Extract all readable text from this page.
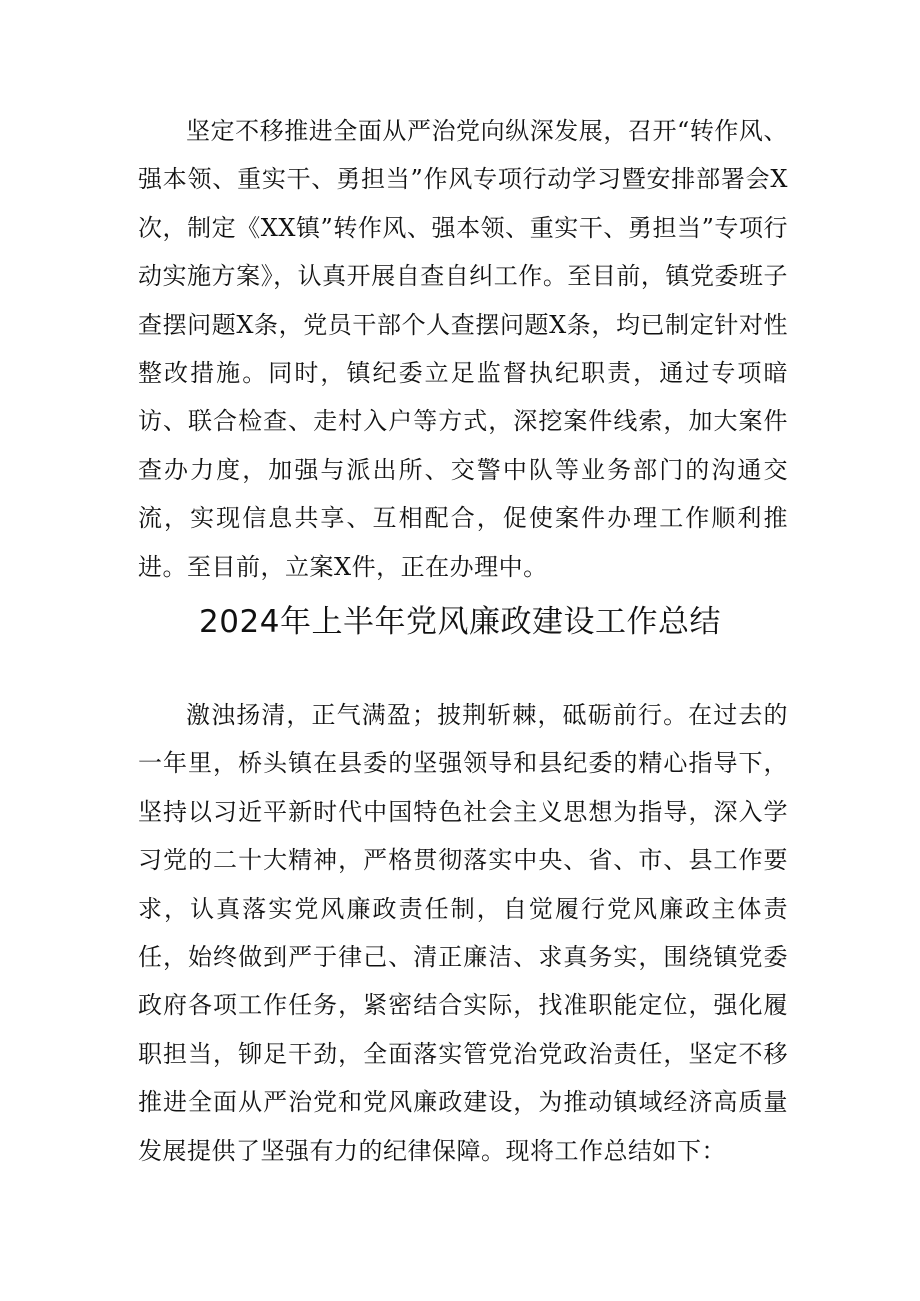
坚定不移推进全面从严治党向纵深发展，召开“转作风、强本领、重实干、勇担当”作风专项行动学习暨安排部署会X次，制定《XX镇”转作风、强本领、重实干、勇担当”专项行动实施方案》，认真开展自查自纠工作。至目前，镇党委班子查摆问题X条，党员干部个人查摆问题X条，均已制定针对性整改措施。同时，镇纪委立足监督执纪职责，通过专项暗访、联合检查、走村入户等方式，深挖案件线索，加大案件查办力度，加强与派出所、交警中队等业务部门的沟通交流，实现信息共享、互相配合，促使案件办理工作顺利推进。至目前，立案X件，正在办理中。

2024年上半年党风廉政建设工作总结

激浊扬清，正气满盈；披荆斩棘，砥砺前行。在过去的一年里，桥头镇在县委的坚强领导和县纪委的精心指导下，坚持以习近平新时代中国特色社会主义思想为指导，深入学习党的二十大精神，严格贯彻落实中央、省、市、县工作要求，认真落实党风廉政责任制，自觉履行党风廉政主体责任，始终做到严于律己、清正廉洁、求真务实，围绕镇党委政府各项工作任务，紧密结合实际，找准职能定位，强化履职担当，铆足干劲，全面落实管党治党政治责任，坚定不移推进全面从严治党和党风廉政建设，为推动镇域经济高质量发展提供了坚强有力的纪律保障。现将工作总结如下：
